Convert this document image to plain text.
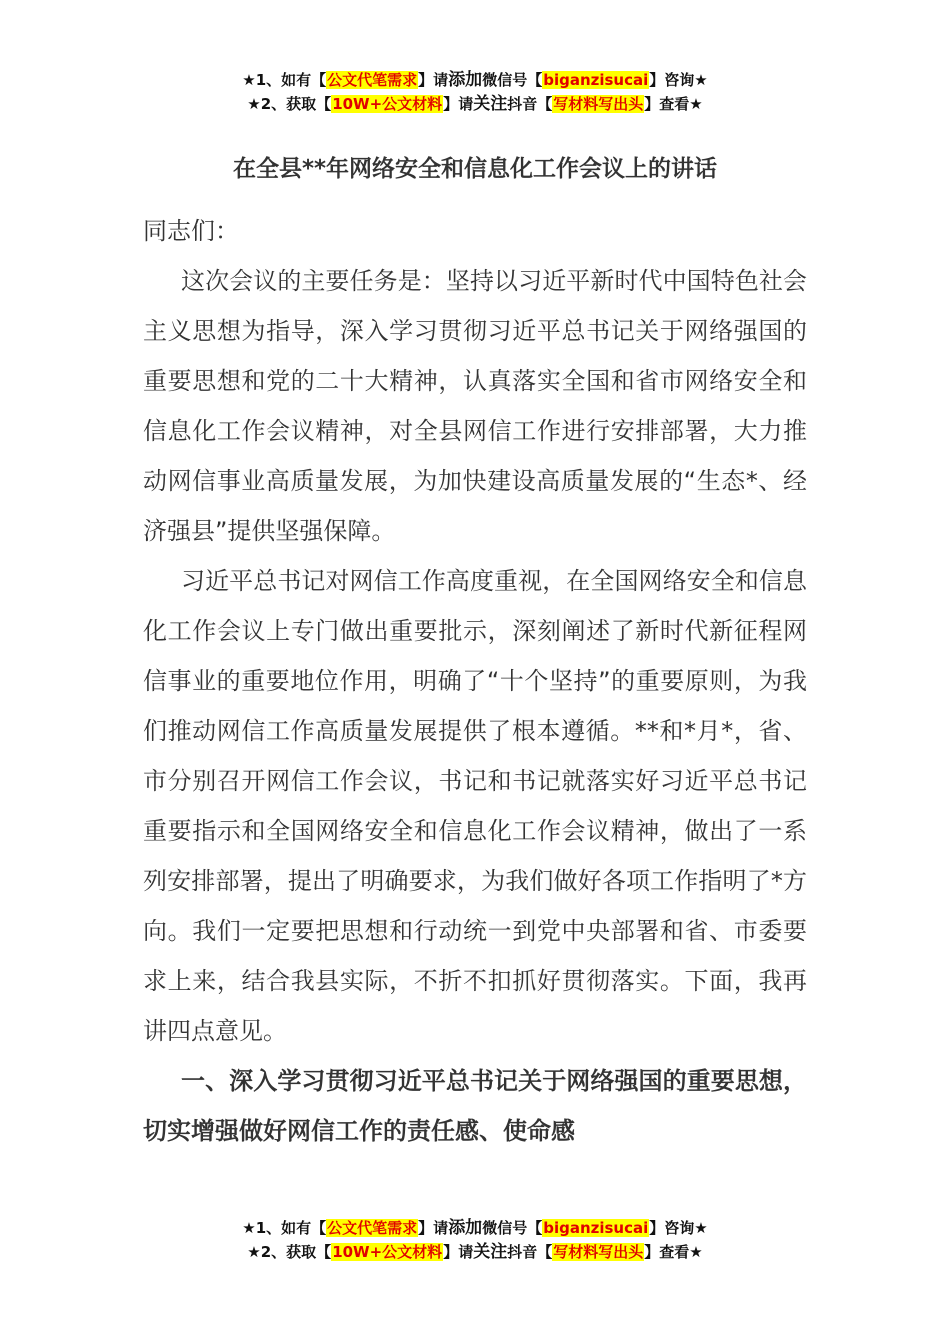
★1、如有【公文代笔需求】请添加微信号【biganzisucai】咨询★
★2、获取【10W+公文材料】请关注抖音【写材料写出头】查看★
在全县**年网络安全和信息化工作会议上的讲话

同志们：

这次会议的主要任务是：坚持以习近平新时代中国特色社会主义思想为指导，深入学习贯彻习近平总书记关于网络强国的重要思想和党的二十大精神，认真落实全国和省市网络安全和信息化工作会议精神，对全县网信工作进行安排部署，大力推动网信事业高质量发展，为加快建设高质量发展的“生态*、经济强县”提供坚强保障。

习近平总书记对网信工作高度重视，在全国网络安全和信息化工作会议上专门做出重要批示，深刻阐述了新时代新征程网信事业的重要地位作用，明确了“十个坚持”的重要原则，为我们推动网信工作高质量发展提供了根本遵循。**和*月*，省、市分别召开网信工作会议，书记和书记就落实好习近平总书记重要指示和全国网络安全和信息化工作会议精神，做出了一系列安排部署，提出了明确要求，为我们做好各项工作指明了*方向。我们一定要把思想和行动统一到党中央部署和省、市委要求上来，结合我县实际，不折不扣抓好贯彻落实。下面，我再讲四点意见。

一、深入学习贯彻习近平总书记关于网络强国的重要思想，切实增强做好网信工作的责任感、使命感

★1、如有【公文代笔需求】请添加微信号【biganzisucai】咨询★
★2、获取【10W+公文材料】请关注抖音【写材料写出头】查看★
